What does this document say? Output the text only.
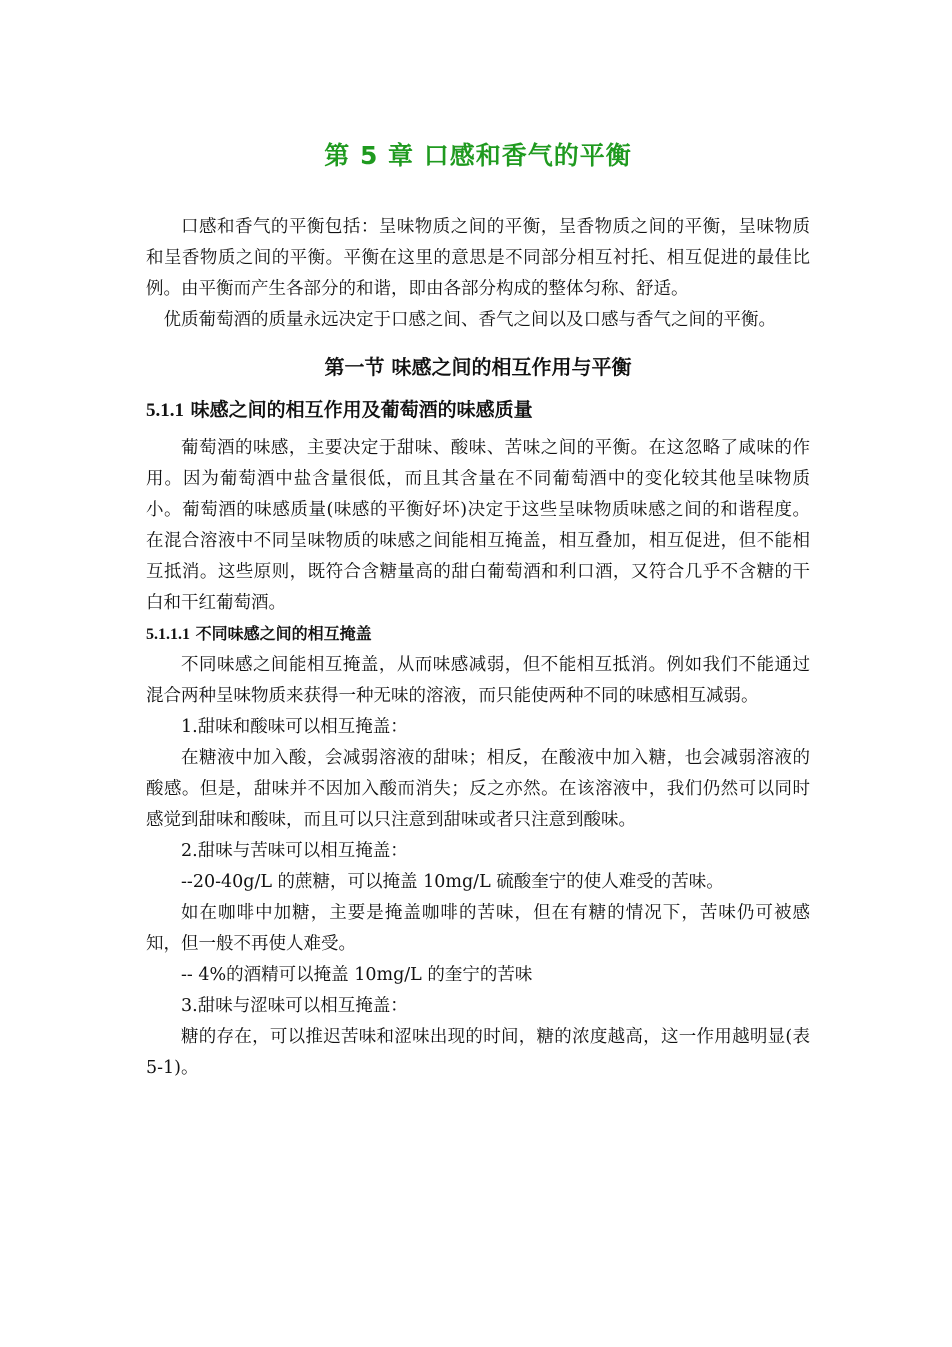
第 5 章 口感和香气的平衡

口感和香气的平衡包括：呈味物质之间的平衡，呈香物质之间的平衡，呈味物质和呈香物质之间的平衡。平衡在这里的意思是不同部分相互衬托、相互促进的最佳比例。由平衡而产生各部分的和谐，即由各部分构成的整体匀称、舒适。

优质葡萄酒的质量永远决定于口感之间、香气之间以及口感与香气之间的平衡。

第一节 味感之间的相互作用与平衡
5.1.1 味感之间的相互作用及葡萄酒的味感质量

葡萄酒的味感，主要决定于甜味、酸味、苦味之间的平衡。在这忽略了咸味的作用。因为葡萄酒中盐含量很低，而且其含量在不同葡萄酒中的变化较其他呈味物质小。葡萄酒的味感质量(味感的平衡好坏)决定于这些呈味物质味感之间的和谐程度。 在混合溶液中不同呈味物质的味感之间能相互掩盖，相互叠加，相互促进，但不能相互抵消。这些原则，既符合含糖量高的甜白葡萄酒和利口酒，又符合几乎不含糖的干白和干红葡萄酒。

5.1.1.1 不同味感之间的相互掩盖

不同味感之间能相互掩盖，从而味感减弱，但不能相互抵消。例如我们不能通过混合两种呈味物质来获得一种无味的溶液，而只能使两种不同的味感相互减弱。

1.甜味和酸味可以相互掩盖：

在糖液中加入酸，会减弱溶液的甜味；相反，在酸液中加入糖，也会减弱溶液的酸感。但是，甜味并不因加入酸而消失；反之亦然。在该溶液中，我们仍然可以同时感觉到甜味和酸味，而且可以只注意到甜味或者只注意到酸味。

2.甜味与苦味可以相互掩盖：

--20-40g/L 的蔗糖，可以掩盖 10mg/L 硫酸奎宁的使人难受的苦味。

如在咖啡中加糖，主要是掩盖咖啡的苦味，但在有糖的情况下，苦味仍可被感知，但一般不再使人难受。

-- 4%的酒精可以掩盖 10mg/L 的奎宁的苦味

3.甜味与涩味可以相互掩盖：

糖的存在，可以推迟苦味和涩味出现的时间，糖的浓度越高，这一作用越明显(表 5-1)。
